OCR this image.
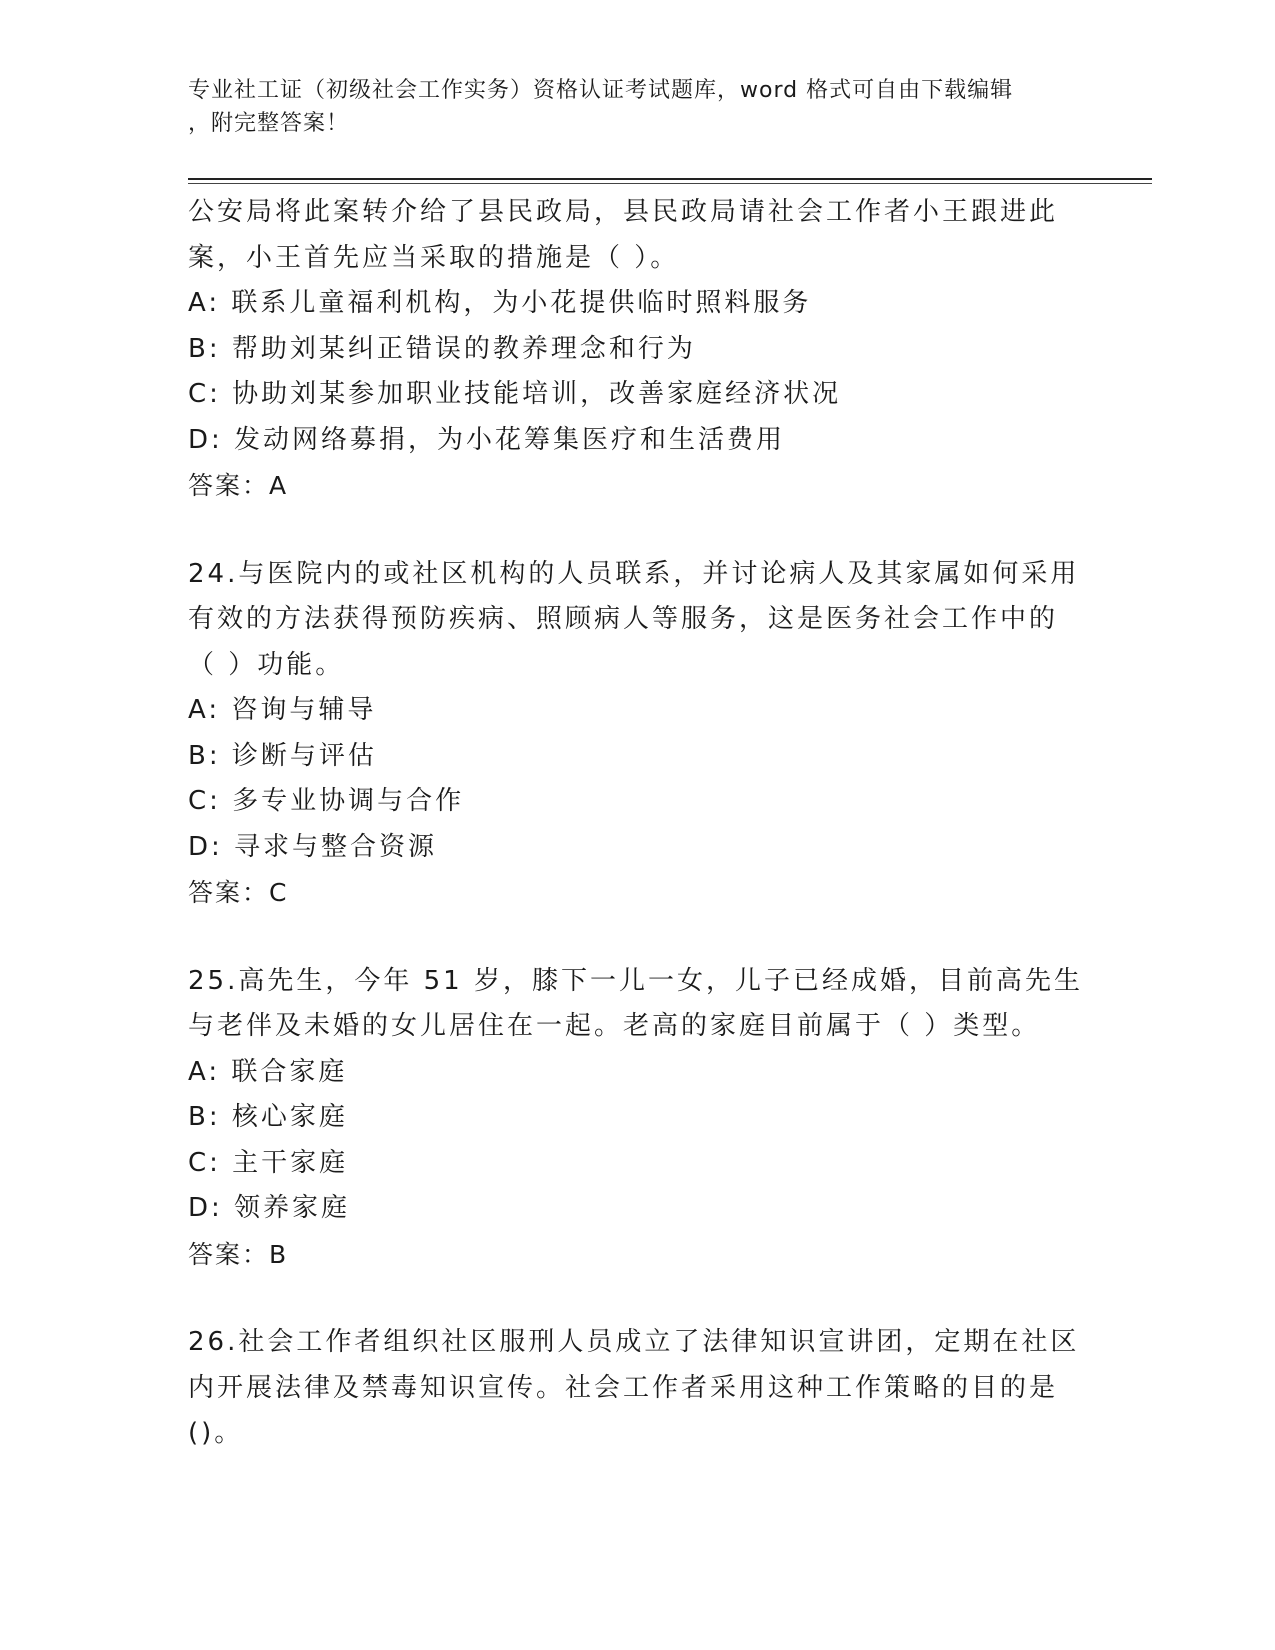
专业社工证（初级社会工作实务）资格认证考试题库，word 格式可自由下载编辑
，附完整答案！
公安局将此案转介给了县民政局，县民政局请社会工作者小王跟进此
案，小王首先应当采取的措施是（ ）。
A: 联系儿童福利机构，为小花提供临时照料服务
B: 帮助刘某纠正错误的教养理念和行为
C: 协助刘某参加职业技能培训，改善家庭经济状况
D: 发动网络募捐，为小花筹集医疗和生活费用
答案：A
24.与医院内的或社区机构的人员联系，并讨论病人及其家属如何采用
有效的方法获得预防疾病、照顾病人等服务，这是医务社会工作中的
（ ）功能。
A: 咨询与辅导
B: 诊断与评估
C: 多专业协调与合作
D: 寻求与整合资源
答案：C
25.高先生，今年 51 岁，膝下一儿一女，儿子已经成婚，目前高先生
与老伴及未婚的女儿居住在一起。老高的家庭目前属于（ ）类型。
A: 联合家庭
B: 核心家庭
C: 主干家庭
D: 领养家庭
答案：B
26.社会工作者组织社区服刑人员成立了法律知识宣讲团，定期在社区
内开展法律及禁毒知识宣传。社会工作者采用这种工作策略的目的是
()。
